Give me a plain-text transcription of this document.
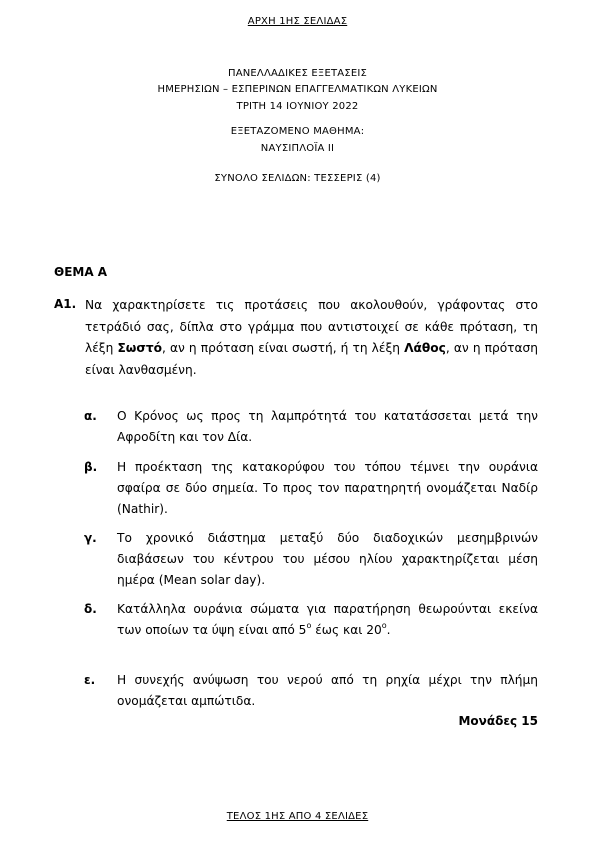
ΑΡΧΗ 1ΗΣ ΣΕΛΙΔΑΣ
ΠΑΝΕΛΛΑΔΙΚΕΣ ΕΞΕΤΑΣΕΙΣ
ΗΜΕΡΗΣΙΩΝ – ΕΣΠΕΡΙΝΩΝ ΕΠΑΓΓΕΛΜΑΤΙΚΩΝ ΛΥΚΕΙΩΝ
ΤΡΙΤΗ 14 ΙΟΥΝΙΟΥ 2022
ΕΞΕΤΑΖΟΜΕΝΟ ΜΑΘΗΜΑ:
ΝΑΥΣΙΠΛΟΪΑ ΙΙ
ΣΥΝΟΛΟ ΣΕΛΙΔΩΝ: ΤΕΣΣΕΡΙΣ (4)
ΘΕΜΑ Α
Α1. Να χαρακτηρίσετε τις προτάσεις που ακολουθούν, γράφοντας στο τετράδιό σας, δίπλα στο γράμμα που αντιστοιχεί σε κάθε πρόταση, τη λέξη Σωστό, αν η πρόταση είναι σωστή, ή τη λέξη Λάθος, αν η πρόταση είναι λανθασμένη.
α. Ο Κρόνος ως προς τη λαμπρότητά του κατατάσσεται μετά την Αφροδίτη και τον Δία.
β. Η προέκταση της κατακορύφου του τόπου τέμνει την ουράνια σφαίρα σε δύο σημεία. Το προς τον παρατηρητή ονομάζεται Ναδίρ (Nathir).
γ. Το χρονικό διάστημα μεταξύ δύο διαδοχικών μεσημβρινών διαβάσεων του κέντρου του μέσου ηλίου χαρακτηρίζεται μέση ημέρα (Mean solar day).
δ. Κατάλληλα ουράνια σώματα για παρατήρηση θεωρούνται εκείνα των οποίων τα ύψη είναι από $5^o$ έως και $20^o$.
ε. Η συνεχής ανύψωση του νερού από τη ρηχία μέχρι την πλήμη ονομάζεται αμπώτιδα.
Μονάδες 15
ΤΕΛΟΣ 1ΗΣ ΑΠΟ 4 ΣΕΛΙΔΕΣ
